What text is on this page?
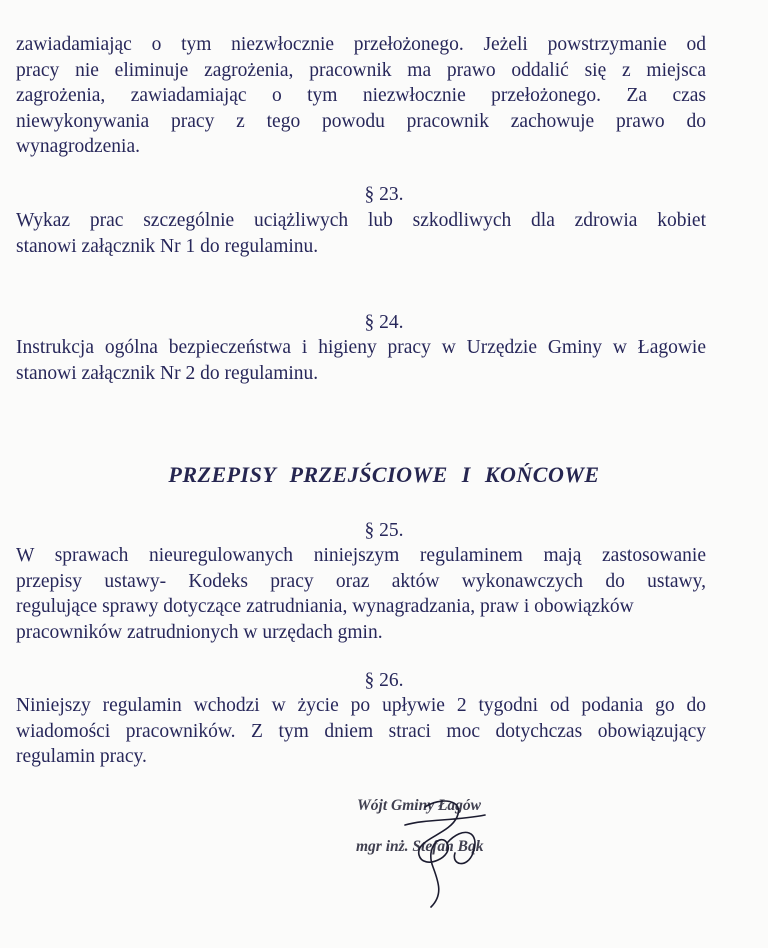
zawiadamiając o tym niezwłocznie przełożonego. Jeżeli powstrzymanie od
pracy nie eliminuje zagrożenia, pracownik ma prawo oddalić się z miejsca
zagrożenia, zawiadamiając o tym niezwłocznie przełożonego. Za czas
niewykonywania pracy z tego powodu pracownik zachowuje prawo do
wynagrodzenia.
§ 23.
Wykaz prac szczególnie uciążliwych lub szkodliwych dla zdrowia kobiet
stanowi załącznik Nr 1 do regulaminu.
§ 24.
Instrukcja ogólna bezpieczeństwa i higieny pracy w Urzędzie Gminy w Łagowie
stanowi załącznik Nr 2 do regulaminu.
PRZEPISY PRZEJŚCIOWE I KOŃCOWE
§ 25.
W sprawach nieuregulowanych niniejszym regulaminem mają zastosowanie
przepisy ustawy- Kodeks pracy oraz aktów wykonawczych do ustawy,
regulujące sprawy dotyczące zatrudniania, wynagradzania, praw i obowiązków
pracowników zatrudnionych w urzędach gmin.
§ 26.
Niniejszy regulamin wchodzi w życie po upływie 2 tygodni od podania go do
wiadomości pracowników. Z tym dniem straci moc dotychczas obowiązujący
regulamin pracy.
Wójt Gminy Łagów
mgr inż. Stefan Bąk
